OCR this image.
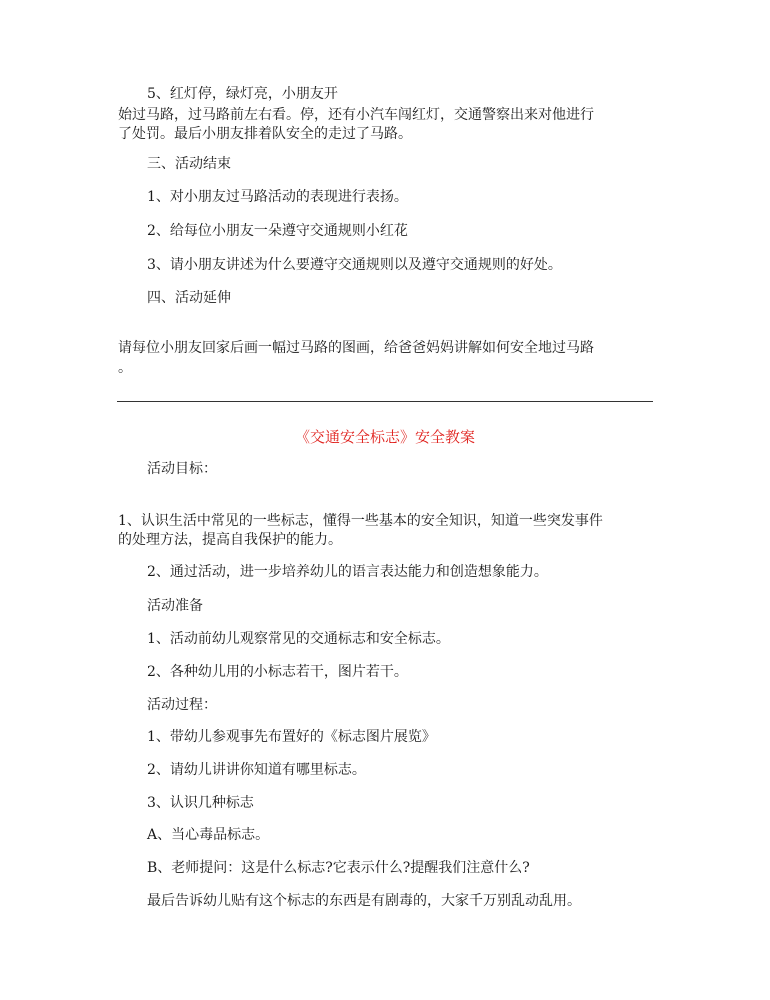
5、红灯停，绿灯亮，小朋友开
始过马路，过马路前左右看。停，还有小汽车闯红灯，交通警察出来对他进行
了处罚。最后小朋友排着队安全的走过了马路。
三、活动结束
1、对小朋友过马路活动的表现进行表扬。
2、给每位小朋友一朵遵守交通规则小红花
3、请小朋友讲述为什么要遵守交通规则以及遵守交通规则的好处。
四、活动延伸
请每位小朋友回家后画一幅过马路的图画，给爸爸妈妈讲解如何安全地过马路
。
《交通安全标志》安全教案
活动目标：
1、认识生活中常见的一些标志，懂得一些基本的安全知识，知道一些突发事件
的处理方法，提高自我保护的能力。
2、通过活动，进一步培养幼儿的语言表达能力和创造想象能力。
活动准备
1、活动前幼儿观察常见的交通标志和安全标志。
2、各种幼儿用的小标志若干，图片若干。
活动过程：
1、带幼儿参观事先布置好的《标志图片展览》
2、请幼儿讲讲你知道有哪里标志。
3、认识几种标志
A、当心毒品标志。
B、老师提问：这是什么标志?它表示什么?提醒我们注意什么?
最后告诉幼儿贴有这个标志的东西是有剧毒的，大家千万别乱动乱用。
